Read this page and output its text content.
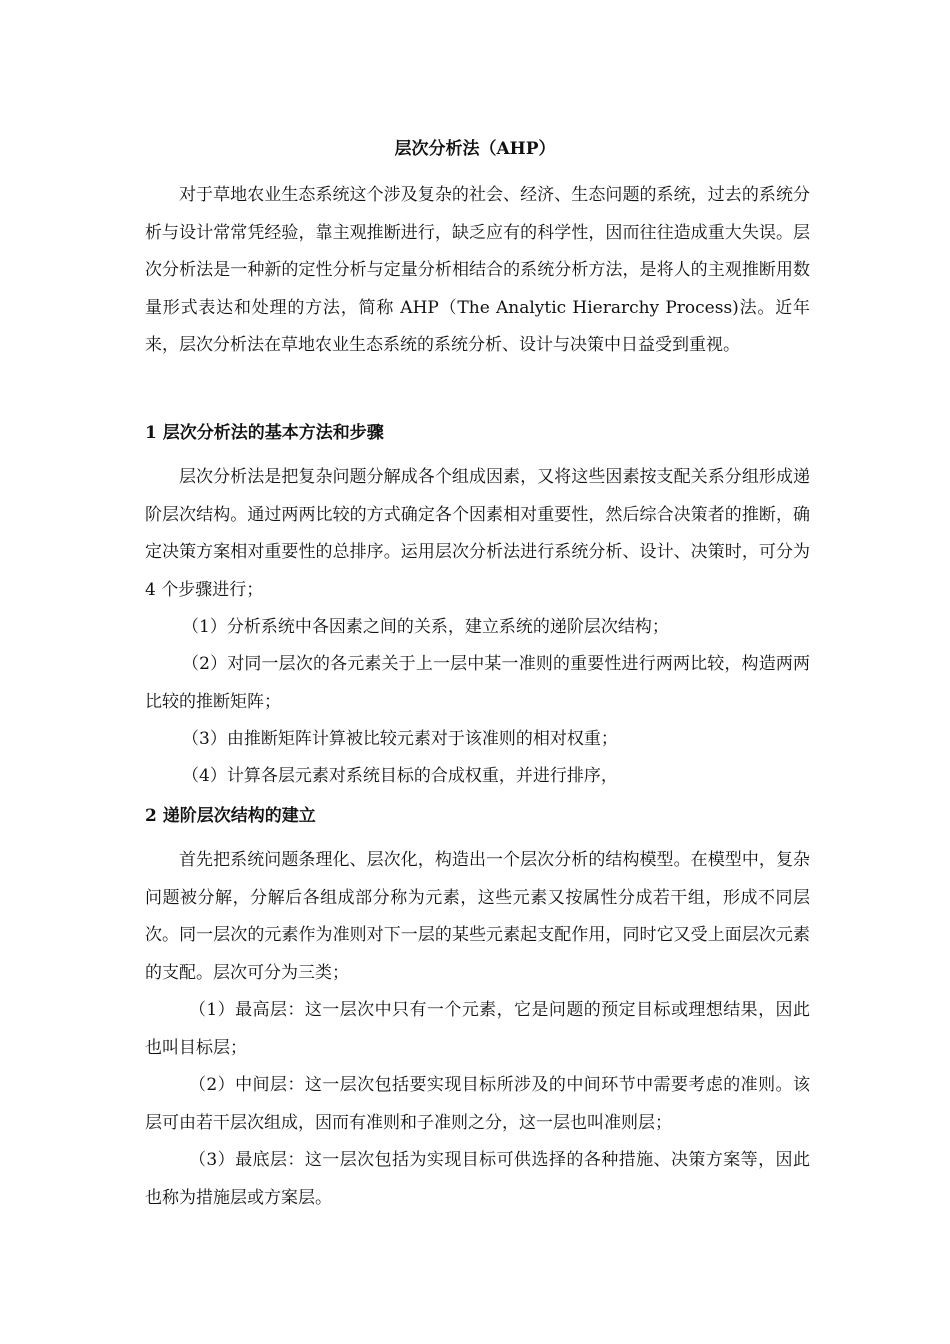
层次分析法（AHP）

对于草地农业生态系统这个涉及复杂的社会、经济、生态问题的系统，过去的系统分析与设计常常凭经验，靠主观推断进行，缺乏应有的科学性，因而往往造成重大失误。层次分析法是一种新的定性分析与定量分析相结合的系统分析方法，是将人的主观推断用数量形式表达和处理的方法，简称 AHP（The Analytic Hierarchy Process)法。近年来，层次分析法在草地农业生态系统的系统分析、设计与决策中日益受到重视。

1 层次分析法的基本方法和步骤

层次分析法是把复杂问题分解成各个组成因素，又将这些因素按支配关系分组形成递阶层次结构。通过两两比较的方式确定各个因素相对重要性，然后综合决策者的推断，确定决策方案相对重要性的总排序。运用层次分析法进行系统分析、设计、决策时，可分为 4 个步骤进行；

（1）分析系统中各因素之间的关系，建立系统的递阶层次结构；

（2）对同一层次的各元素关于上一层中某一准则的重要性进行两两比较，构造两两比较的推断矩阵；

（3）由推断矩阵计算被比较元素对于该准则的相对权重；

（4）计算各层元素对系统目标的合成权重，并进行排序，

2 递阶层次结构的建立

首先把系统问题条理化、层次化，构造出一个层次分析的结构模型。在模型中，复杂问题被分解，分解后各组成部分称为元素，这些元素又按属性分成若干组，形成不同层次。同一层次的元素作为准则对下一层的某些元素起支配作用，同时它又受上面层次元素的支配。层次可分为三类；

（1）最高层：这一层次中只有一个元素，它是问题的预定目标或理想结果，因此也叫目标层；

（2）中间层：这一层次包括要实现目标所涉及的中间环节中需要考虑的准则。该层可由若干层次组成，因而有准则和子准则之分，这一层也叫准则层；

（3）最底层：这一层次包括为实现目标可供选择的各种措施、决策方案等，因此也称为措施层或方案层。
